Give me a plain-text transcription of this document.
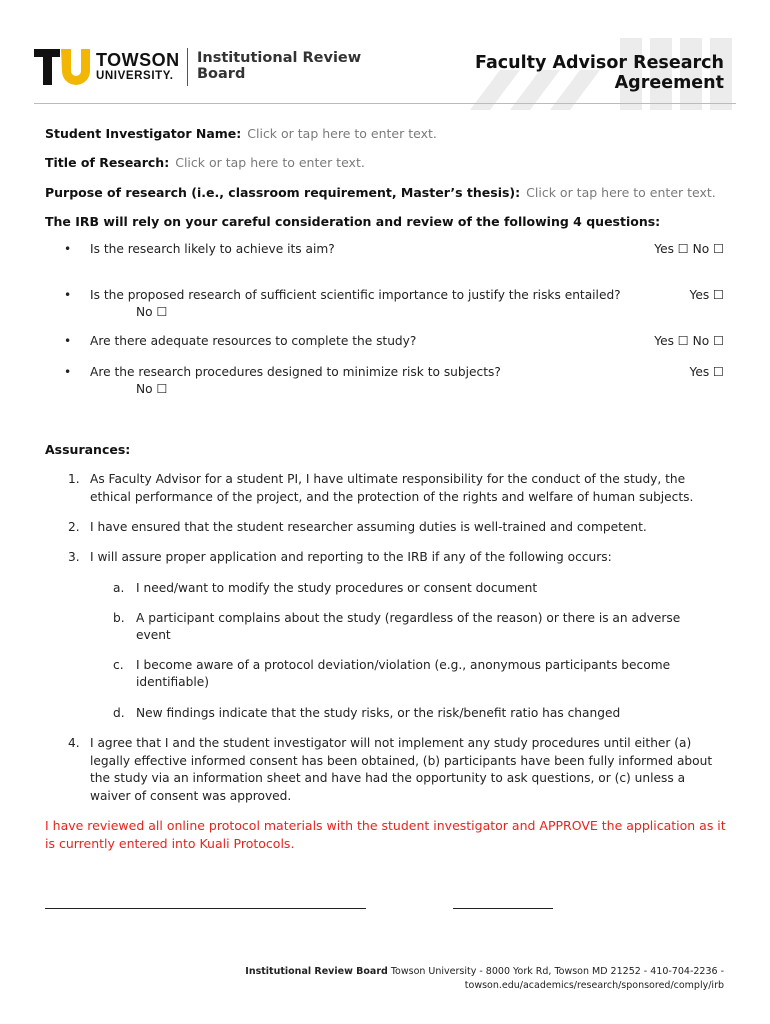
TOWSON
UNIVERSITY.
Institutional Review Board
Faculty Advisor Research Agreement
Student Investigator Name: Click or tap here to enter text.
Title of Research: Click or tap here to enter text.
Purpose of research (i.e., classroom requirement, Master’s thesis): Click or tap here to enter text.
The IRB will rely on your careful consideration and review of the following 4 questions:
• Is the research likely to achieve its aim?	Yes ☐ No ☐
• Is the proposed research of sufficient scientific importance to justify the risks entailed?	Yes ☐
No ☐
• Are there adequate resources to complete the study?	Yes ☐ No ☐
• Are the research procedures designed to minimize risk to subjects?	Yes ☐
No ☐
Assurances:
1. As Faculty Advisor for a student PI, I have ultimate responsibility for the conduct of the study, the ethical performance of the project, and the protection of the rights and welfare of human subjects.
2. I have ensured that the student researcher assuming duties is well-trained and competent.
3. I will assure proper application and reporting to the IRB if any of the following occurs:
a. I need/want to modify the study procedures or consent document
b. A participant complains about the study (regardless of the reason) or there is an adverse event
c. I become aware of a protocol deviation/violation (e.g., anonymous participants become identifiable)
d. New findings indicate that the study risks, or the risk/benefit ratio has changed
4. I agree that I and the student investigator will not implement any study procedures until either (a) legally effective informed consent has been obtained, (b) participants have been fully informed about the study via an information sheet and have had the opportunity to ask questions, or (c) unless a waiver of consent was approved.
I have reviewed all online protocol materials with the student investigator and APPROVE the application as it is currently entered into Kuali Protocols.
Institutional Review Board Towson University - 8000 York Rd, Towson MD 21252 - 410-704-2236 -
towson.edu/academics/research/sponsored/comply/irb
